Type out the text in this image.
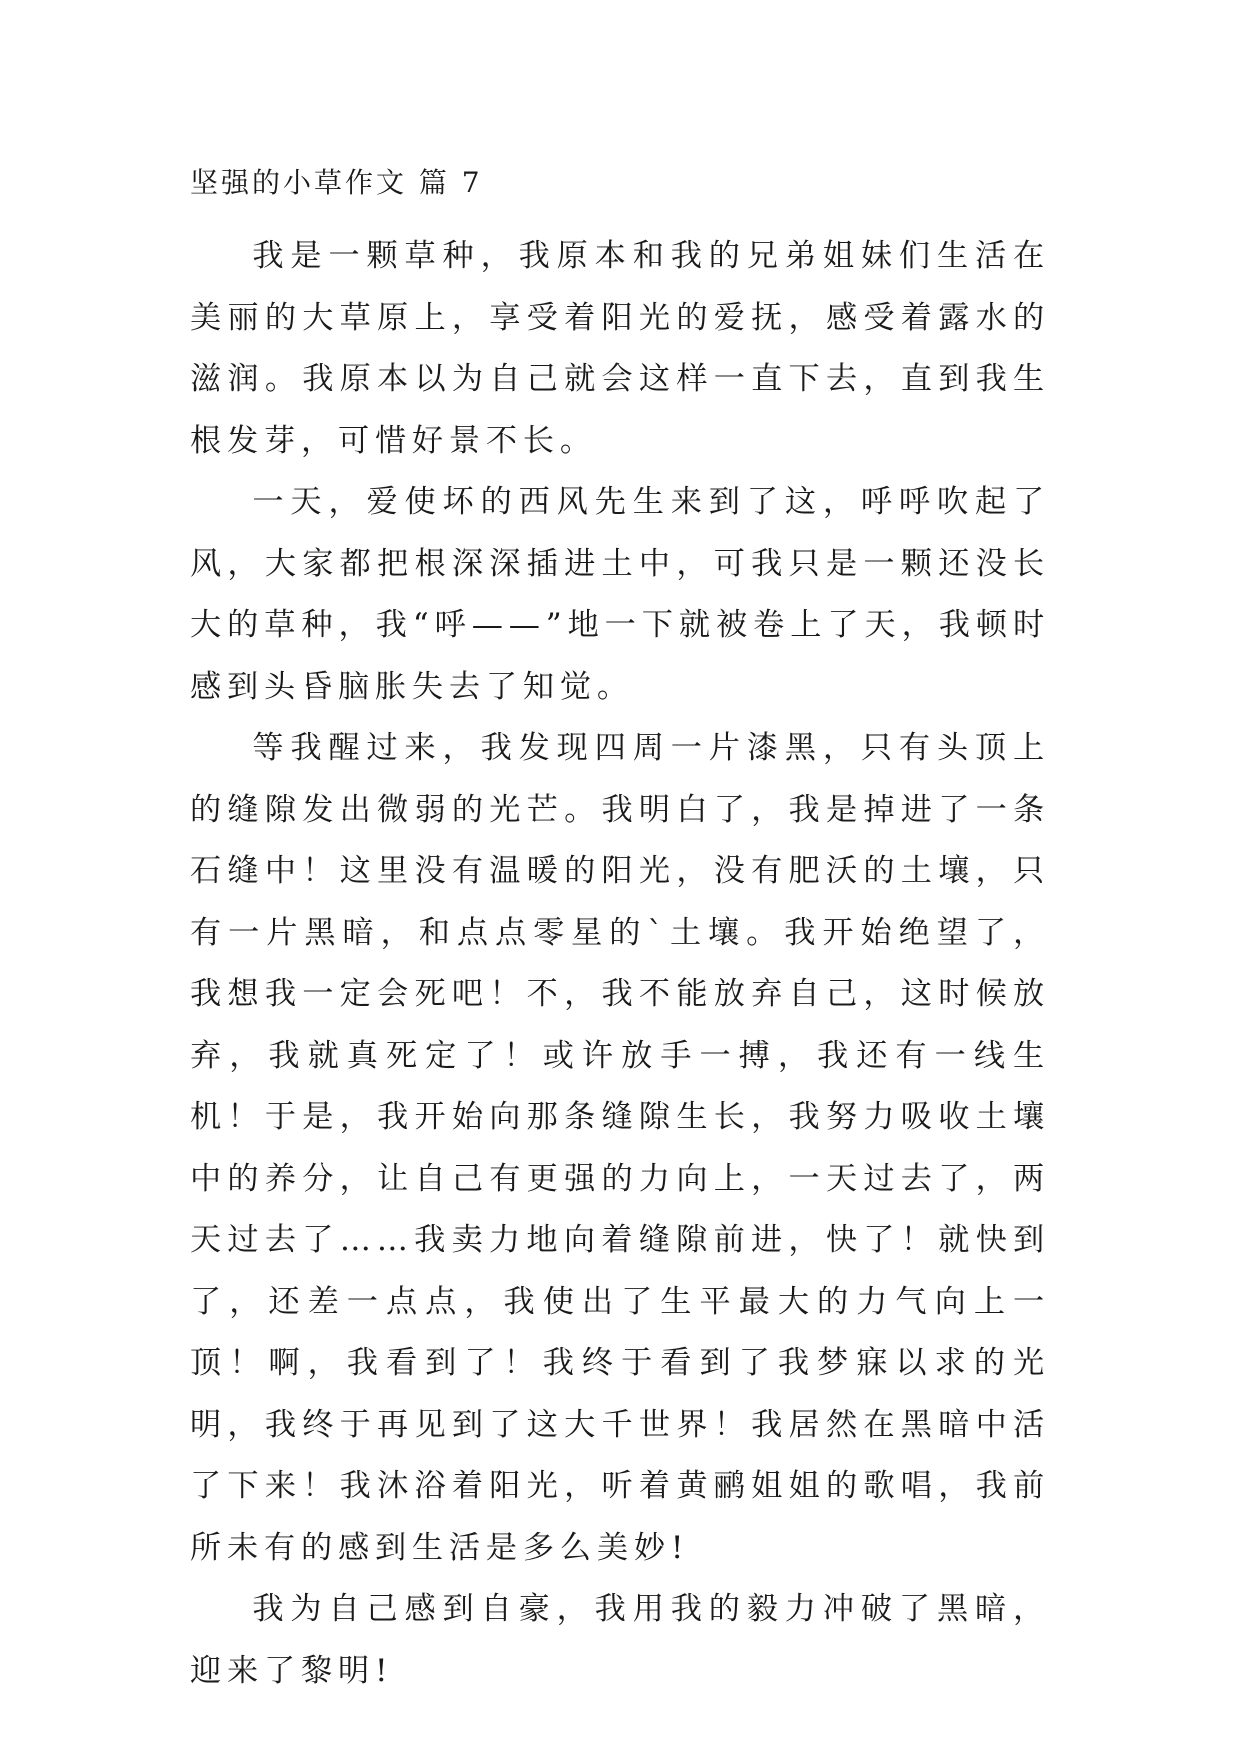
坚强的小草作文 篇 7

我是一颗草种，我原本和我的兄弟姐妹们生活在美丽的大草原上，享受着阳光的爱抚，感受着露水的滋润。我原本以为自己就会这样一直下去，直到我生根发芽，可惜好景不长。

一天，爱使坏的西风先生来到了这，呼呼吹起了风，大家都把根深深插进土中，可我只是一颗还没长大的草种，我“呼——”地一下就被卷上了天，我顿时感到头昏脑胀失去了知觉。

等我醒过来，我发现四周一片漆黑，只有头顶上的缝隙发出微弱的光芒。我明白了，我是掉进了一条石缝中！这里没有温暖的阳光，没有肥沃的土壤，只有一片黑暗，和点点零星的`土壤。我开始绝望了，我想我一定会死吧！不，我不能放弃自己，这时候放弃，我就真死定了！或许放手一搏，我还有一线生机！于是，我开始向那条缝隙生长，我努力吸收土壤中的养分，让自己有更强的力向上，一天过去了，两天过去了……我卖力地向着缝隙前进，快了！就快到了，还差一点点，我使出了生平最大的力气向上一顶！啊，我看到了！我终于看到了我梦寐以求的光明，我终于再见到了这大千世界！我居然在黑暗中活了下来！我沐浴着阳光，听着黄鹂姐姐的歌唱，我前所未有的感到生活是多么美妙!

我为自己感到自豪，我用我的毅力冲破了黑暗，迎来了黎明!
